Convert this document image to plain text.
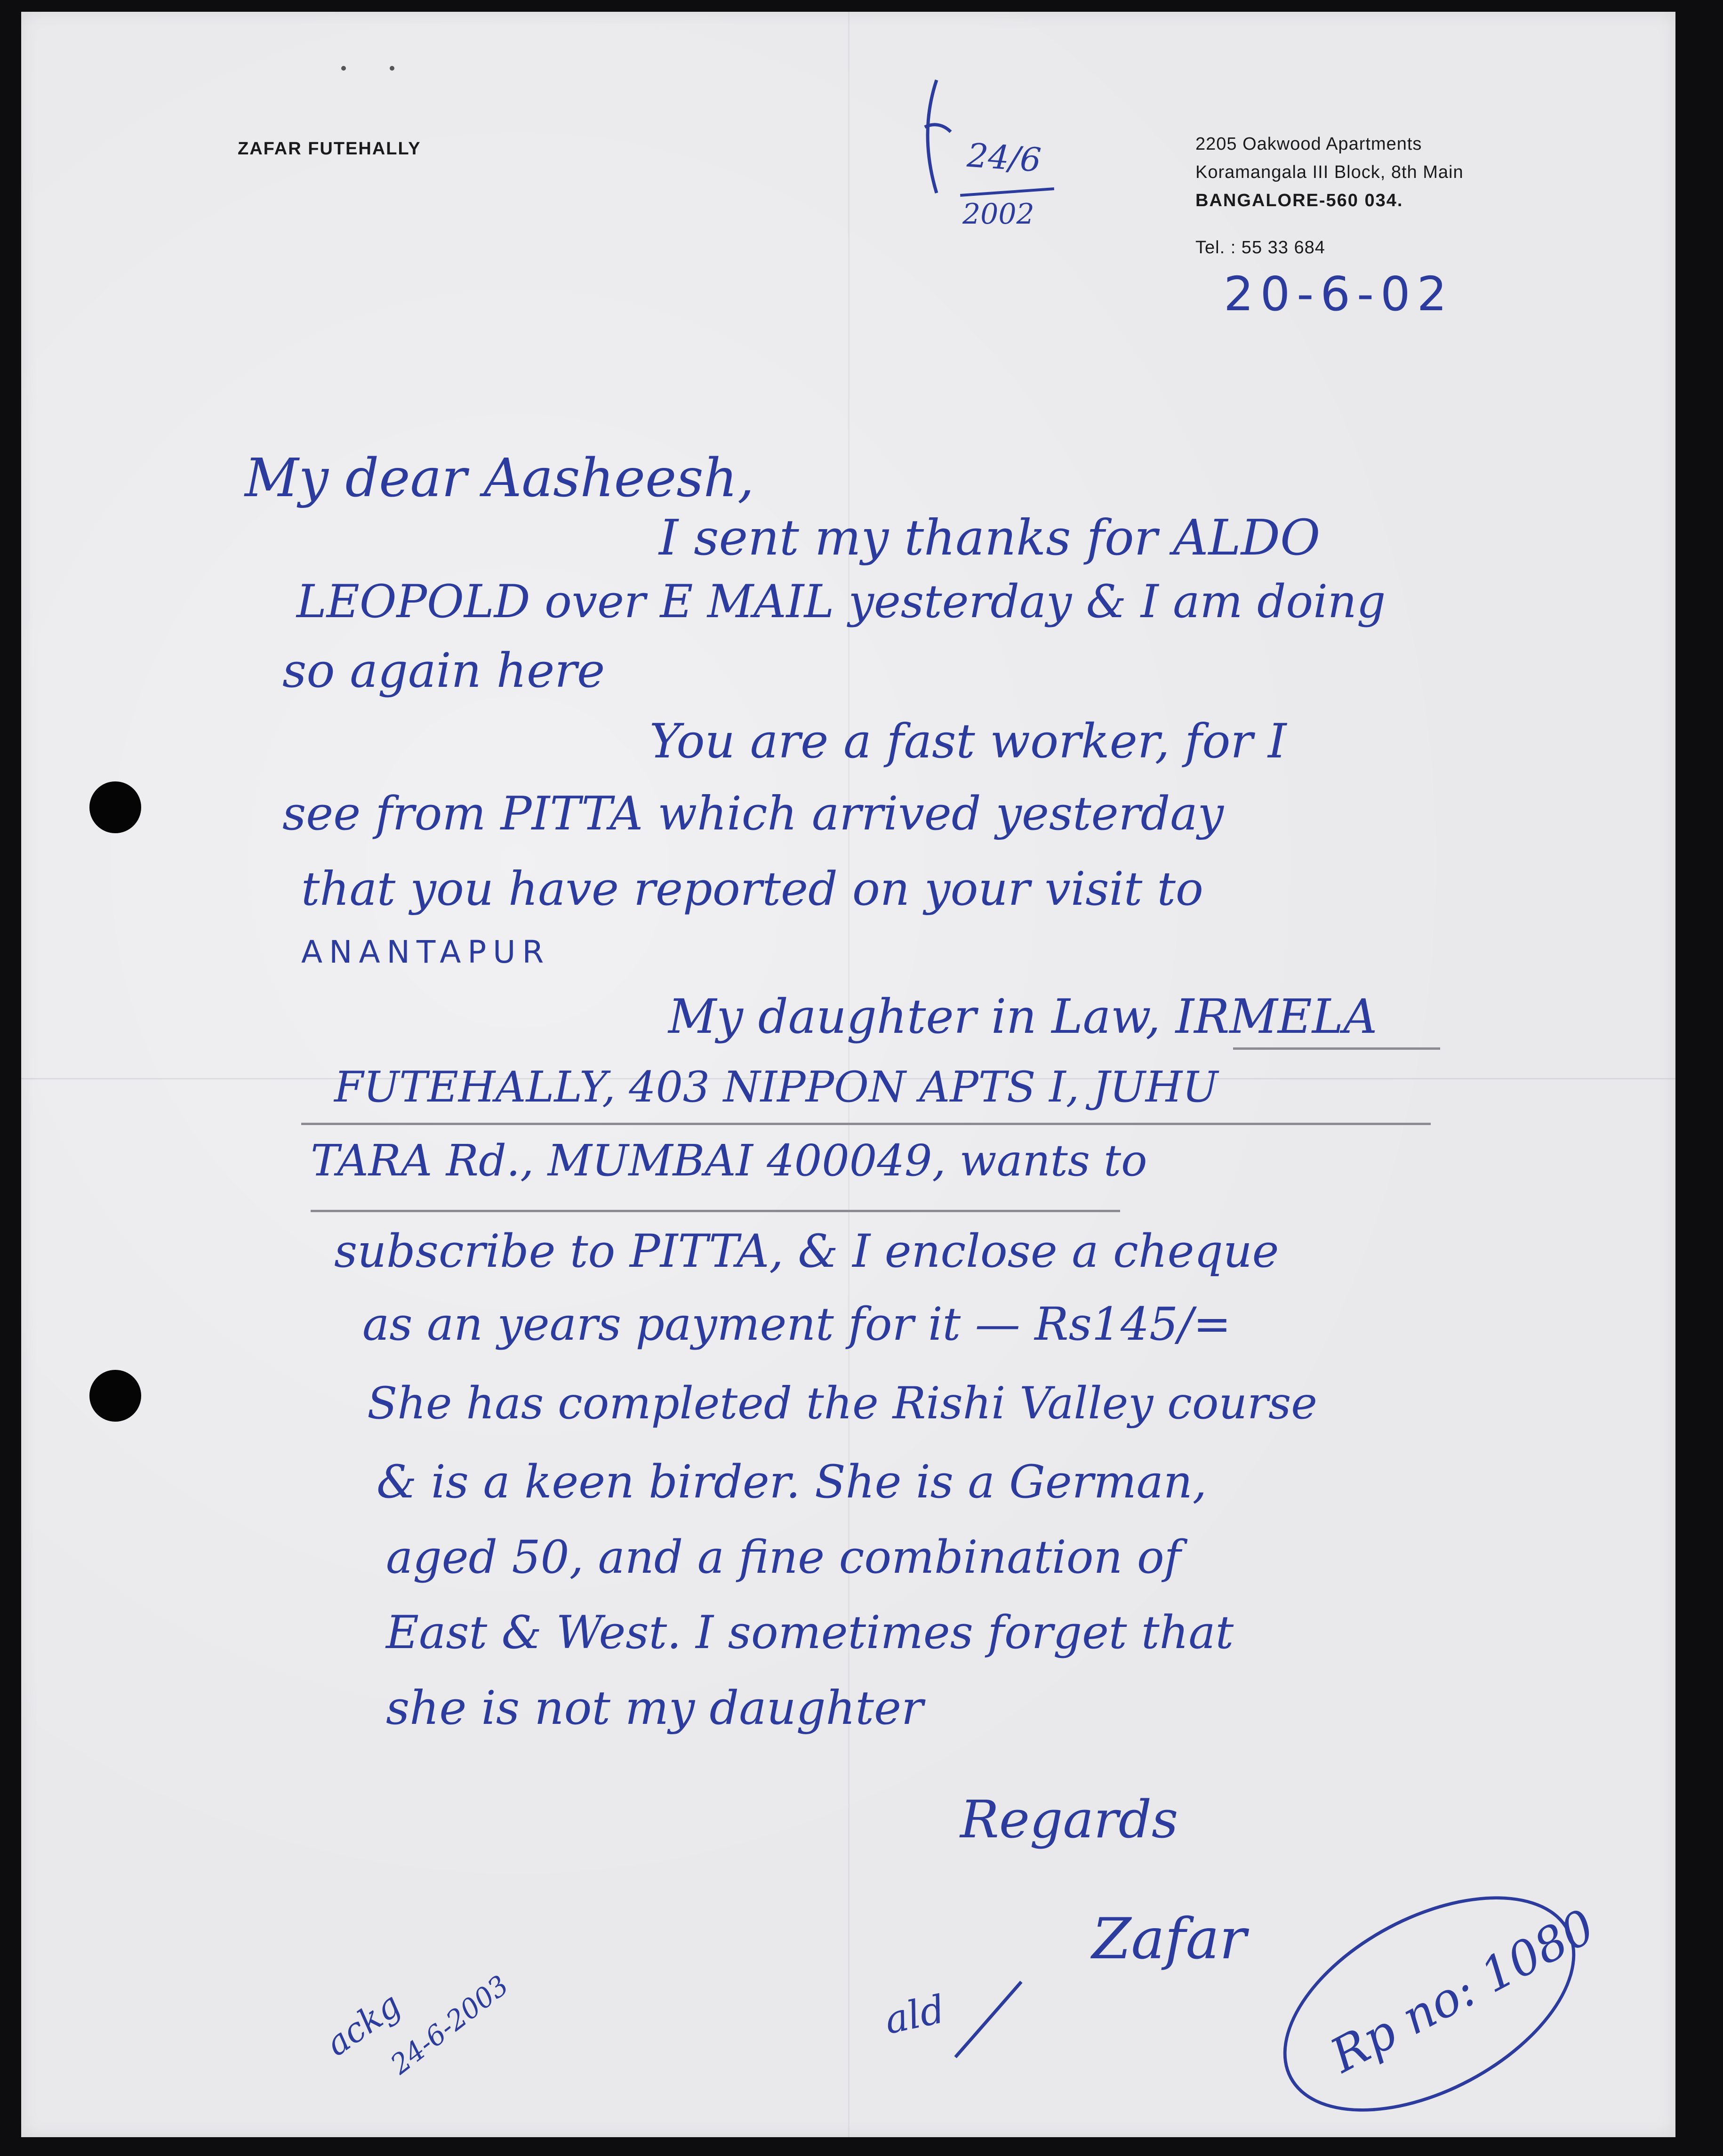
ZAFAR FUTEHALLY	2205 Oakwood Apartments
Koramangala III Block, 8th Main
BANGALORE-560 034.
Tel. : 55 33 684
24/6
2002
20-6-02
My dear Aasheesh,
I sent my thanks for ALDO
LEOPOLD over E MAIL yesterday & I am doing
so again here
You are a fast worker, for I
see from PITTA which arrived yesterday
that you have reported on your visit to
ANANTAPUR
My daughter in Law, IRMELA
FUTEHALLY, 403 NIPPON APTS I, JUHU
TARA Rd., MUMBAI 400049, wants to
subscribe to PITTA, & I enclose a cheque
as an years payment for it — Rs145/=
She has completed the Rishi Valley course
& is a keen birder. She is a German,
aged 50, and a fine combination of
East & West. I sometimes forget that
she is not my daughter
Regards
Zafar
ackg
24-6-2003	ald	Rp no: 1080
